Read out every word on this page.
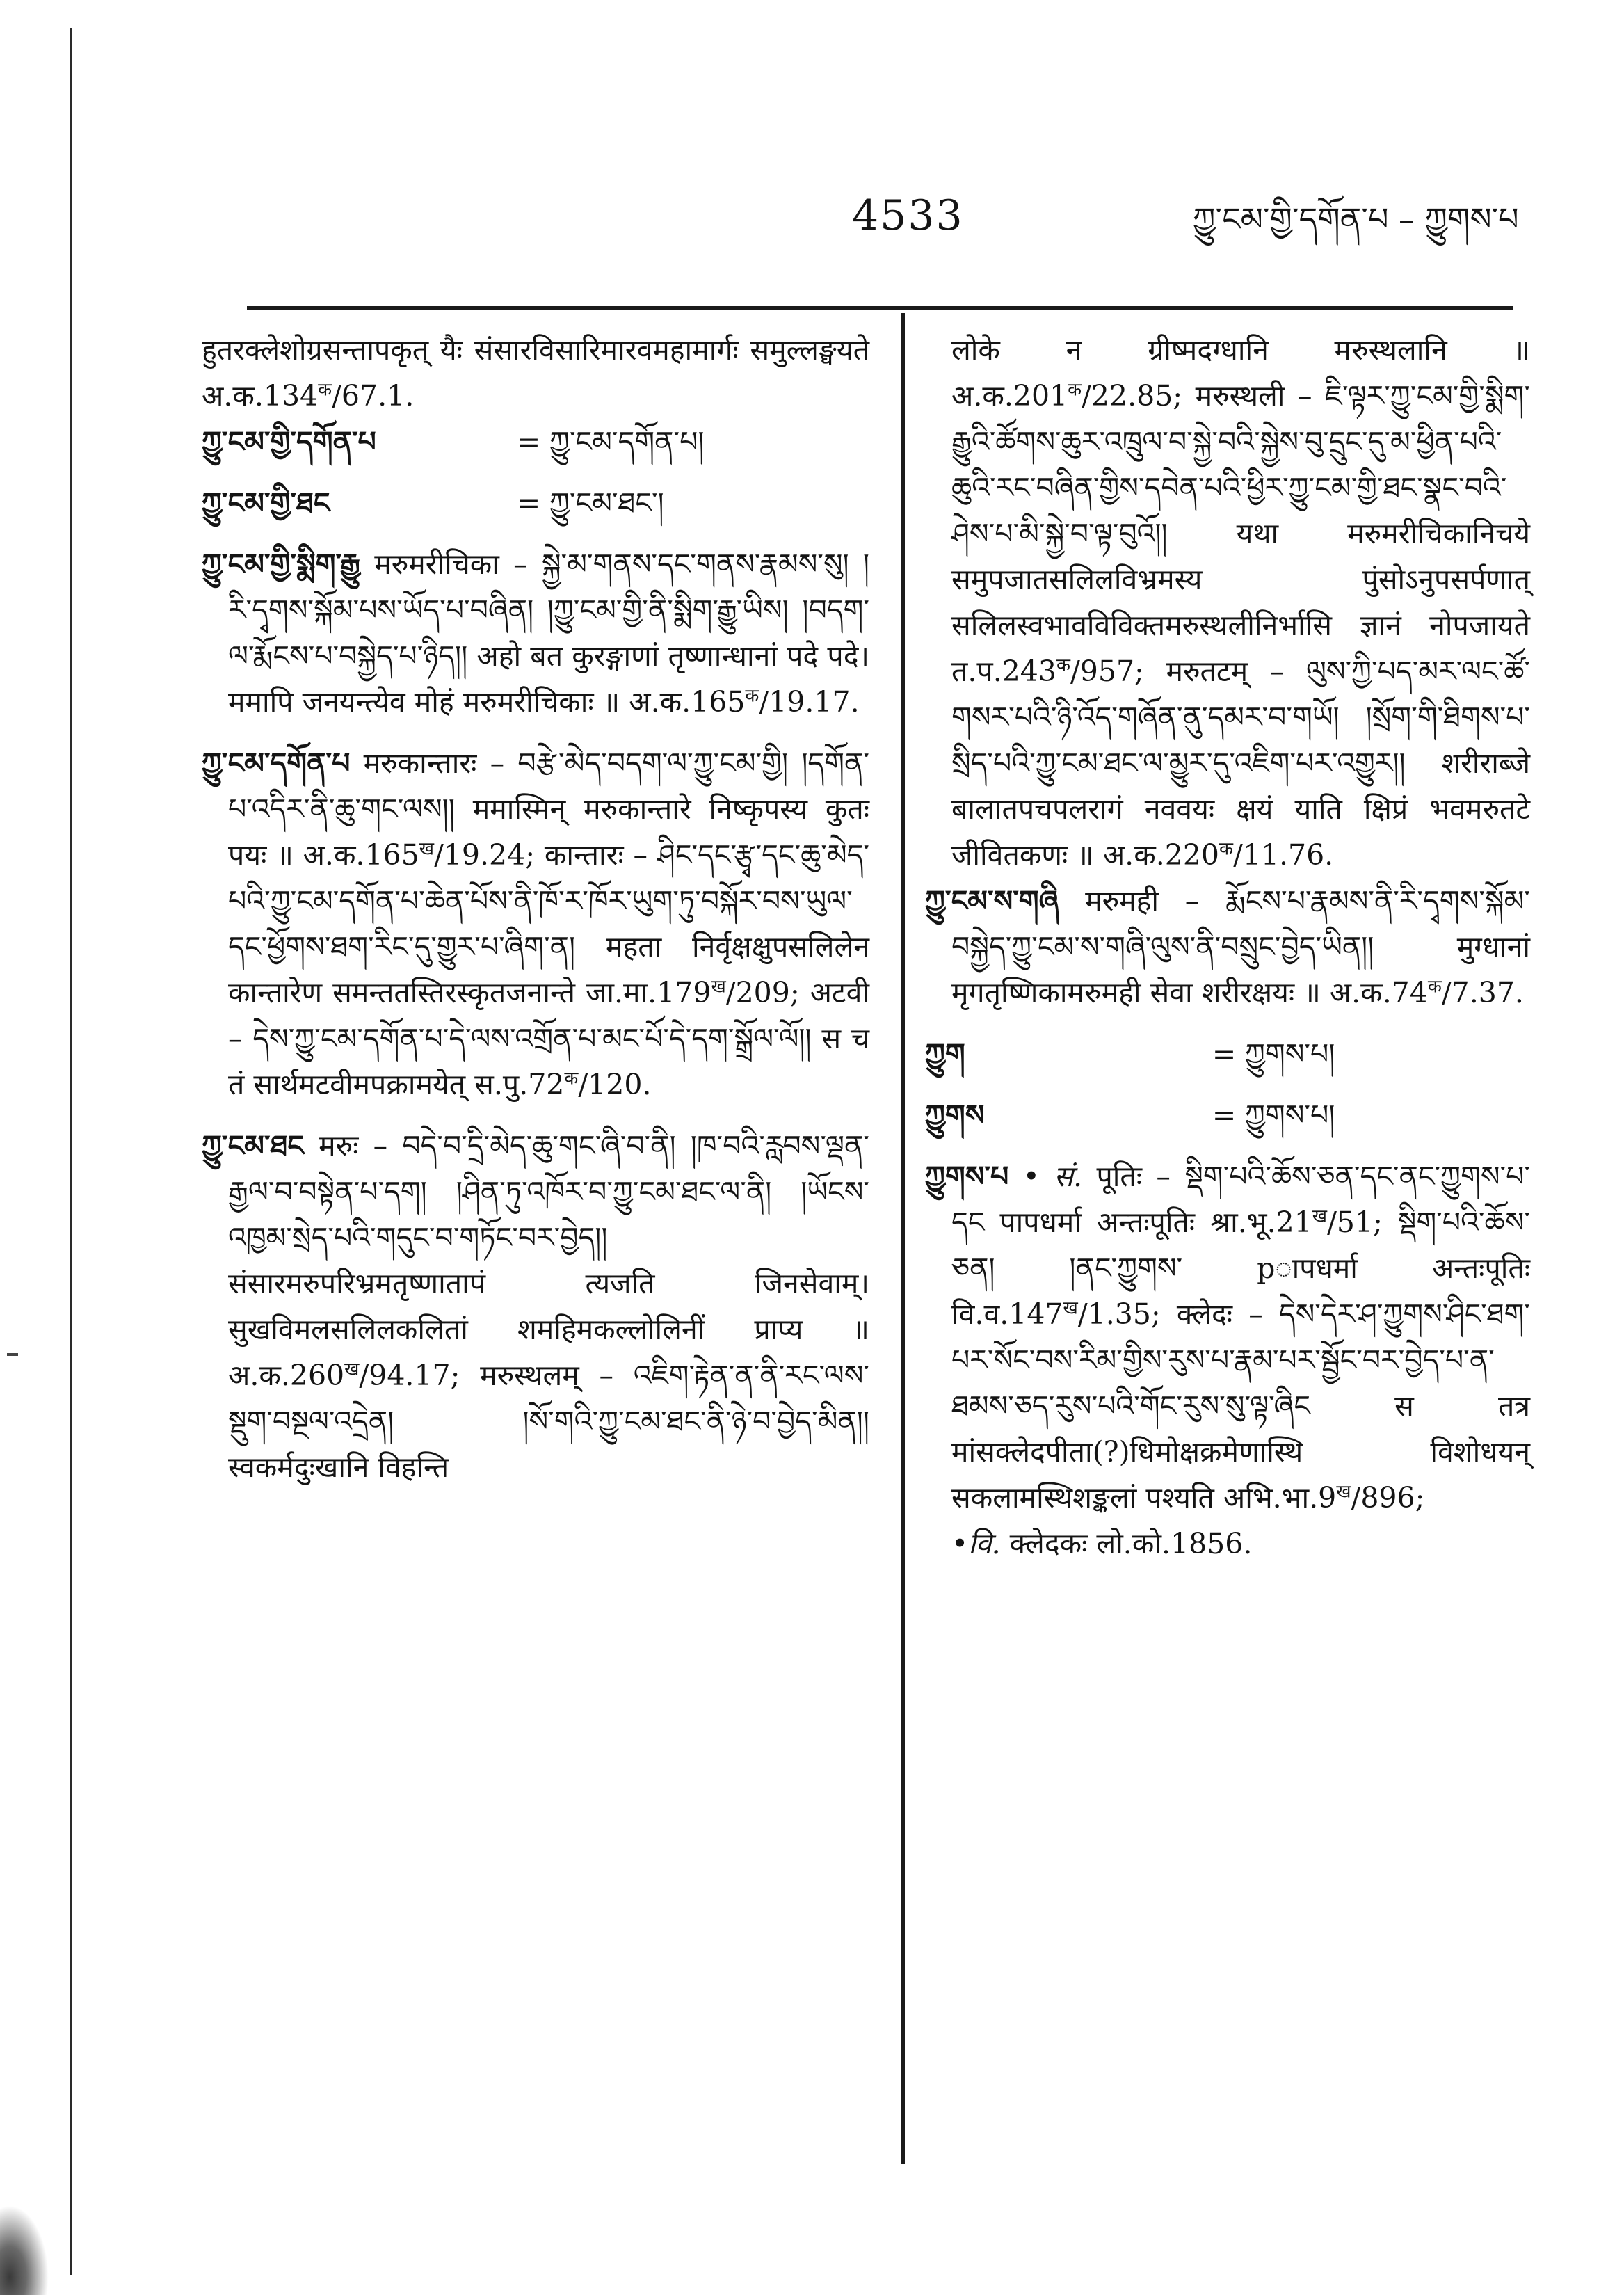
4533	ཀྱུ་ངམ་གྱི་དགོན་པ – ཀྱུགས་པ

हुतरक्लेशोग्रसन्तापकृत् यैः संसारविसारिमारवमहामार्गः समुल्लङ्घयते $अ.क.134^क/67.1$.

ཀྱུ་ངམ་གྱི་དགོན་པ	= ཀྱུ་ངམ་དགོན་པ།
ཀྱུ་ངམ་གྱི་ཐང	= ཀྱུ་ངམ་ཐང་།

ཀྱུ་ངམ་གྱི་སྨིག་རྒྱུ मरुमरीचिका – སྐྱེ་མ་གནས་དང་གནས་རྣམས་སུ། །རི་དྭགས་སྐོམ་པས་ཡོད་པ་བཞིན། །ཀྱུ་ངམ་གྱི་ནི་སྨིག་རྒྱུ་ཡིས། །བདག་ལ་རྨོངས་པ་བསྐྱེད་པ་ཉིད།། अहो बत कुरङ्गाणां तृष्णान्धानां पदे पदे। ममापि जनयन्त्येव मोहं मरुमरीचिकाः ॥ $अ.क.165^क/19.17$.

ཀྱུ་ངམ་དགོན་པ मरुकान्तारः – བརྩེ་མེད་བདག་ལ་ཀྱུ་ངམ་གྱི། །དགོན་པ་འདིར་ནི་ཆུ་གང་ལས།། ममास्मिन् मरुकान्तारे निष्कृपस्य कुतः पयः ॥ $अ.क.165^ख/19.24$; कान्तारः – ཤིང་དང་རྩྭ་དང་ཆུ་མེད་པའི་ཀྱུ་ངམ་དགོན་པ་ཆེན་པོས་ནི་ཁོ་ར་ཁོར་ཡུག་ཏུ་བསྐོར་བས་ཡུལ་དང་ཕྱོགས་ཐག་རིང་དུ་གྱུར་པ་ཞིག་ན། महता निर्वृक्षक्षुपसलिलेन कान्तारेण समन्ततस्तिरस्कृतजनान्ते $जा.मा.179^ख/209$; अटवी – དེས་ཀྱུ་ངམ་དགོན་པ་དེ་ལས་འགྲོན་པ་མང་པོ་དེ་དག་སྒྲོལ་ལོ།། स च तं सार्थमटवीमपक्रामयेत् $स.पु.72^क/120$.

ཀྱུ་ངམ་ཐང मरुः – བདེ་བ་དྲི་མེད་ཆུ་གང་ཞི་བ་ནི། །ཁ་བའི་རླབས་ལྡན་རྒྱལ་བ་བསྟེན་པ་དག། །ཤིན་ཏུ་འཁོར་བ་ཀྱུ་ངམ་ཐང་ལ་ནི། །ཡོངས་འཁྱམ་སྲེད་པའི་གདུང་བ་གཏོང་བར་བྱེད།། संसारमरुपरिभ्रमतृष्णातापं त्यजति जिनसेवाम्। सुखविमलसलिलकलितां शमहिमकल्लोलिनीं प्राप्य ॥ $अ.क.260^ख/94.17$; मरुस्थलम् – འཇིག་རྟེན་ན་ནི་རང་ལས་སྡུག་བསྔལ་འདྲེན། །སོ་གའི་ཀྱུ་ངམ་ཐང་ནི་ཉེ་བ་བྱེད་མིན།། स्वकर्मदुःखानि विहन्ति

लोके न ग्रीष्मदग्धानि मरुस्थलानि ॥ $अ.क.201^क/22.85$; मरुस्थली – ཇི་ལྟར་ཀྱུ་ངམ་གྱི་སྨིག་རྒྱུའི་ཚོགས་ཆུར་འཁྲུལ་བ་སྐྱེ་བའི་སྐྱེས་བུ་དྲུང་དུ་མ་ཕྱིན་པའི་ཆུའི་རང་བཞིན་གྱིས་དབེན་པའི་ཕྱིར་ཀྱུ་ངམ་གྱི་ཐང་སྣང་བའི་ཤེས་པ་མི་སྐྱེ་བ་ལྟ་བུའོ།། यथा मरुमरीचिकानिचये समुपजातसलिलविभ्रमस्य पुंसोऽनुपसर्पणात् सलिलस्वभावविविक्तमरुस्थलीनिर्भासि ज्ञानं नोपजायते $त.प.243^क/957$; मरुतटम् – ལུས་ཀྱི་པད་མར་ལང་ཚོ་གསར་པའི་ཉི་འོད་གཞོན་ནུ་དམར་བ་གཡོ། །སྲོག་གི་ཐིགས་པ་སྲིད་པའི་ཀྱུ་ངམ་ཐང་ལ་མྱུར་དུ་འཇིག་པར་འགྱུར།། शरीराब्जे बालातपचपलरागं नववयः क्षयं याति क्षिप्रं भवमरुतटे जीवितकणः ॥ $अ.क.220^क/11.76$.

ཀྱུ་ངམ་ས་གཞི मरुमही – རྨོངས་པ་རྣམས་ནི་རི་དྭགས་སྐོམ་བསྐྱེད་ཀྱུ་ངམ་ས་གཞི་ལུས་ནི་བསྲུང་བྱེད་ཡིན།། मुग्धानां मृगतृष्णिकामरुमही सेवा शरीरक्षयः ॥ $अ.क.74^क/7.37$.

ཀྱུག	= ཀྱུགས་པ།
ཀྱུགས	= ཀྱུགས་པ།

ཀྱུགས་པ • सं. पूतिः – སྡིག་པའི་ཆོས་ཅན་དང་ནང་ཀྱུགས་པ་དང पापधर्मा अन्तःपूतिः $श्रा.भू.21^ख/51$; སྡིག་པའི་ཆོས་ཅན། །ནང་ཀྱུགས་ pापधर्मा अन्तःपूतिः $वि.व.147^ख/1.35$; क्लेदः – དེས་དེར་ཤ་ཀྱུགས་ཤིང་ཐག་པར་སོང་བས་རིམ་གྱིས་རུས་པ་རྣམ་པར་སྦྱོང་བར་བྱེད་པ་ན་ཐམས་ཅད་རུས་པའི་གོང་རུས་སུ་ལྟ་ཞིང स तत्र मांसक्लेदपीता(?)धिमोक्षक्रमेणास्थि विशोधयन् सकलामस्थिशङ्कलां पश्यति $अभि.भा.9^ख/896$;
•वि. क्लेदकः लो.को.1856.
